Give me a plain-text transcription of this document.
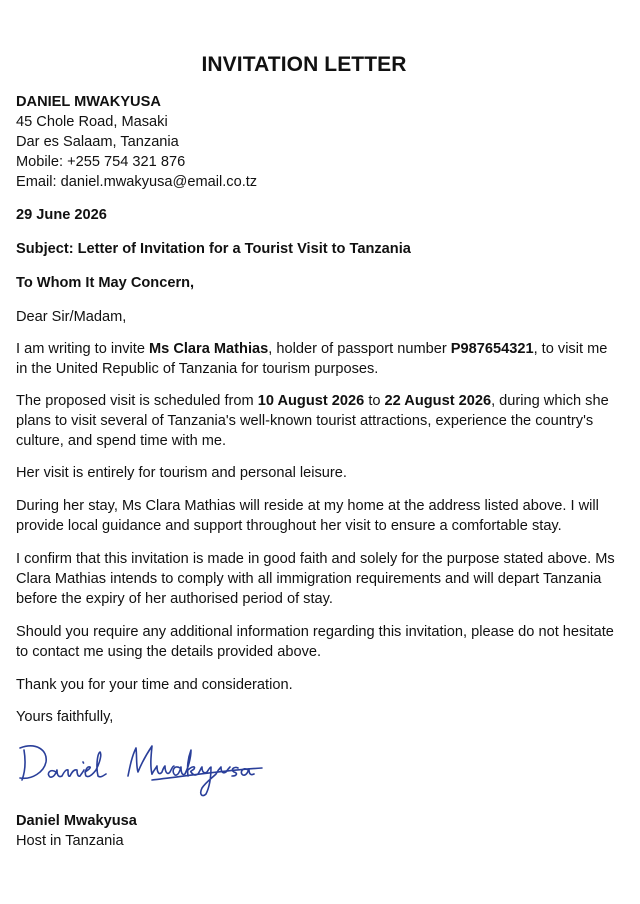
INVITATION LETTER
DANIEL MWAKYUSA
45 Chole Road, Masaki
Dar es Salaam, Tanzania
Mobile: +255 754 321 876
Email: daniel.mwakyusa@email.co.tz
29 June 2026
Subject: Letter of Invitation for a Tourist Visit to Tanzania
To Whom It May Concern,
Dear Sir/Madam,
I am writing to invite Ms Clara Mathias, holder of passport number P987654321, to visit me in the United Republic of Tanzania for tourism purposes.
The proposed visit is scheduled from 10 August 2026 to 22 August 2026, during which she plans to visit several of Tanzania's well-known tourist attractions, experience the country's culture, and spend time with me.
Her visit is entirely for tourism and personal leisure.
During her stay, Ms Clara Mathias will reside at my home at the address listed above. I will provide local guidance and support throughout her visit to ensure a comfortable stay.
I confirm that this invitation is made in good faith and solely for the purpose stated above. Ms Clara Mathias intends to comply with all immigration requirements and will depart Tanzania before the expiry of her authorised period of stay.
Should you require any additional information regarding this invitation, please do not hesitate to contact me using the details provided above.
Thank you for your time and consideration.
Yours faithfully,
Daniel Mwakyusa
Host in Tanzania
